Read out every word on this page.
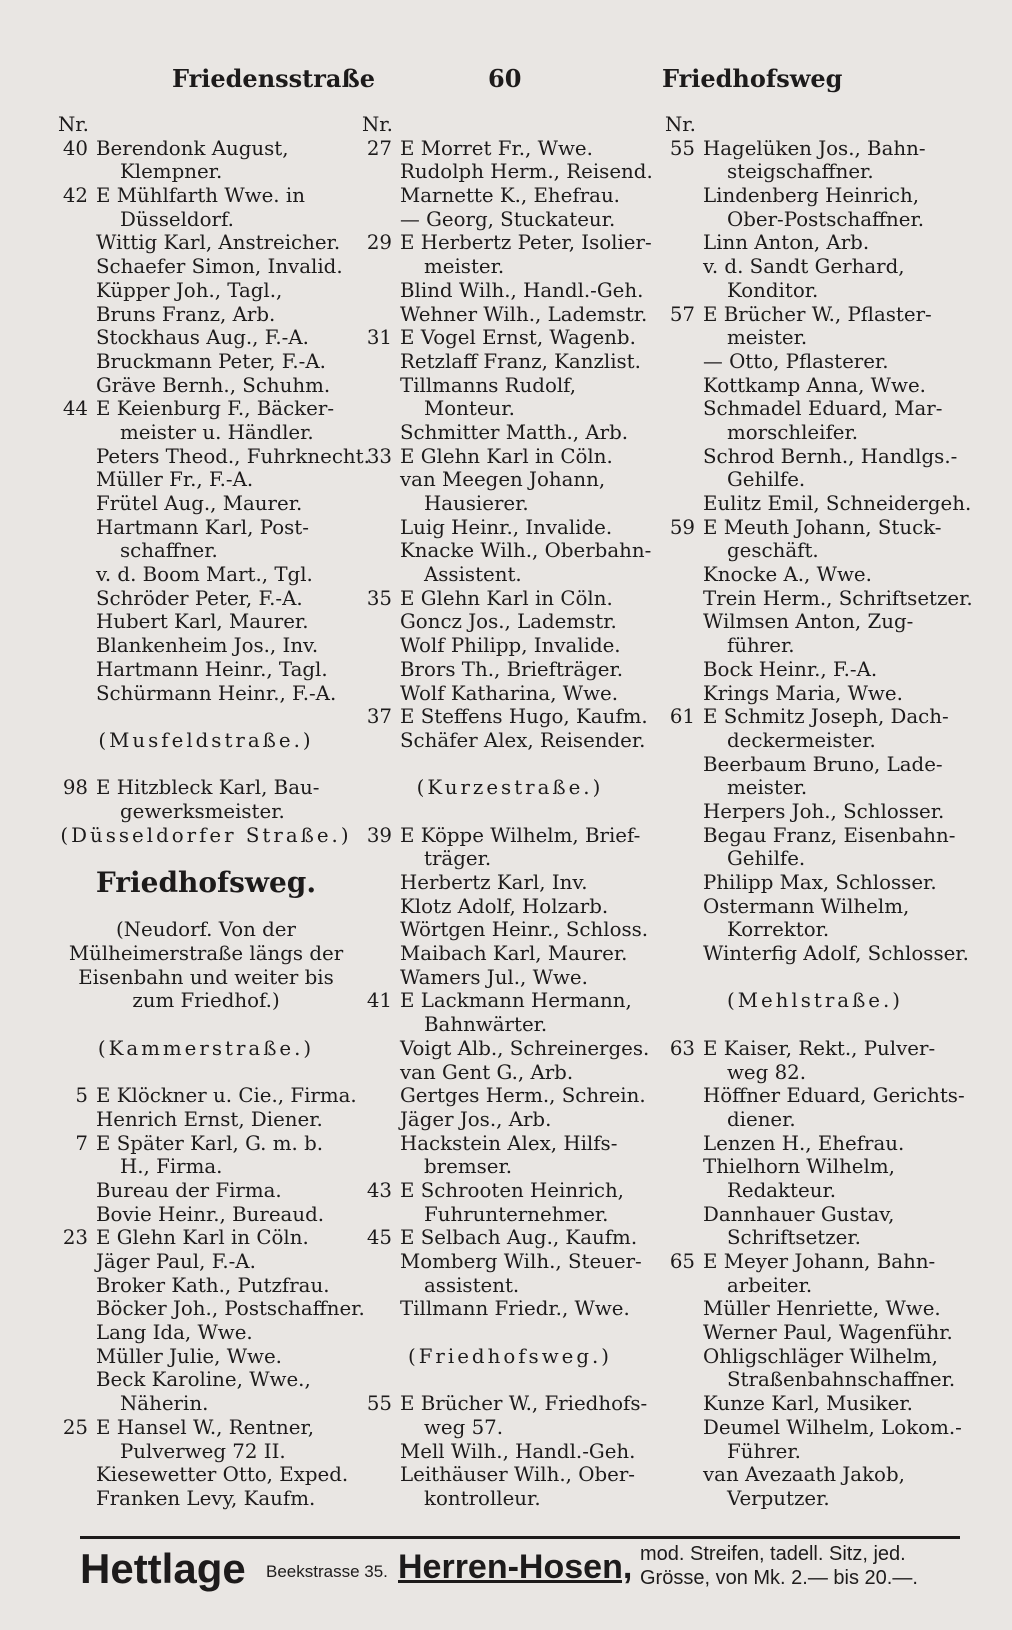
Friedensstraße	60	Friedhofsweg
Nr.
40 Berendonk August,
Klempner.
42 E Mühlfarth Wwe. in
Düsseldorf.
Wittig Karl, Anstreicher.
Schaefer Simon, Invalid.
Küpper Joh., Tagl.,
Bruns Franz, Arb.
Stockhaus Aug., F.-A.
Bruckmann Peter, F.-A.
Gräve Bernh., Schuhm.
44 E Keienburg F., Bäcker-
meister u. Händler.
Peters Theod., Fuhrknecht.
Müller Fr., F.-A.
Frütel Aug., Maurer.
Hartmann Karl, Post-
schaffner.
v. d. Boom Mart., Tgl.
Schröder Peter, F.-A.
Hubert Karl, Maurer.
Blankenheim Jos., Inv.
Hartmann Heinr., Tagl.
Schürmann Heinr., F.-A.
(Musfeldstraße.)
98 E Hitzbleck Karl, Bau-
gewerksmeister.
(Düsseldorfer Straße.)
Friedhofsweg.
(Neudorf. Von der
Mülheimerstraße längs der
Eisenbahn und weiter bis
zum Friedhof.)
(Kammerstraße.)
5 E Klöckner u. Cie., Firma.
Henrich Ernst, Diener.
7 E Später Karl, G. m. b.
H., Firma.
Bureau der Firma.
Bovie Heinr., Bureaud.
23 E Glehn Karl in Cöln.
Jäger Paul, F.-A.
Broker Kath., Putzfrau.
Böcker Joh., Postschaffner.
Lang Ida, Wwe.
Müller Julie, Wwe.
Beck Karoline, Wwe.,
Näherin.
25 E Hansel W., Rentner,
Pulverweg 72 II.
Kiesewetter Otto, Exped.
Franken Levy, Kaufm.
Nr.
27 E Morret Fr., Wwe.
Rudolph Herm., Reisend.
Marnette K., Ehefrau.
— Georg, Stuckateur.
29 E Herbertz Peter, Isolier-
meister.
Blind Wilh., Handl.-Geh.
Wehner Wilh., Lademstr.
31 E Vogel Ernst, Wagenb.
Retzlaff Franz, Kanzlist.
Tillmanns Rudolf,
Monteur.
Schmitter Matth., Arb.
33 E Glehn Karl in Cöln.
van Meegen Johann,
Hausierer.
Luig Heinr., Invalide.
Knacke Wilh., Oberbahn-
Assistent.
35 E Glehn Karl in Cöln.
Goncz Jos., Lademstr.
Wolf Philipp, Invalide.
Brors Th., Briefträger.
Wolf Katharina, Wwe.
37 E Steffens Hugo, Kaufm.
Schäfer Alex, Reisender.
(Kurzestraße.)
39 E Köppe Wilhelm, Brief-
träger.
Herbertz Karl, Inv.
Klotz Adolf, Holzarb.
Wörtgen Heinr., Schloss.
Maibach Karl, Maurer.
Wamers Jul., Wwe.
41 E Lackmann Hermann,
Bahnwärter.
Voigt Alb., Schreinerges.
van Gent G., Arb.
Gertges Herm., Schrein.
Jäger Jos., Arb.
Hackstein Alex, Hilfs-
bremser.
43 E Schrooten Heinrich,
Fuhrunternehmer.
45 E Selbach Aug., Kaufm.
Momberg Wilh., Steuer-
assistent.
Tillmann Friedr., Wwe.
(Friedhofsweg.)
55 E Brücher W., Friedhofs-
weg 57.
Mell Wilh., Handl.-Geh.
Leithäuser Wilh., Ober-
kontrolleur.
Nr.
55 Hagelüken Jos., Bahn-
steigschaffner.
Lindenberg Heinrich,
Ober-Postschaffner.
Linn Anton, Arb.
v. d. Sandt Gerhard,
Konditor.
57 E Brücher W., Pflaster-
meister.
— Otto, Pflasterer.
Kottkamp Anna, Wwe.
Schmadel Eduard, Mar-
morschleifer.
Schrod Bernh., Handlgs.-
Gehilfe.
Eulitz Emil, Schneidergeh.
59 E Meuth Johann, Stuck-
geschäft.
Knocke A., Wwe.
Trein Herm., Schriftsetzer.
Wilmsen Anton, Zug-
führer.
Bock Heinr., F.-A.
Krings Maria, Wwe.
61 E Schmitz Joseph, Dach-
deckermeister.
Beerbaum Bruno, Lade-
meister.
Herpers Joh., Schlosser.
Begau Franz, Eisenbahn-
Gehilfe.
Philipp Max, Schlosser.
Ostermann Wilhelm,
Korrektor.
Winterfig Adolf, Schlosser.
(Mehlstraße.)
63 E Kaiser, Rekt., Pulver-
weg 82.
Höffner Eduard, Gerichts-
diener.
Lenzen H., Ehefrau.
Thielhorn Wilhelm,
Redakteur.
Dannhauer Gustav,
Schriftsetzer.
65 E Meyer Johann, Bahn-
arbeiter.
Müller Henriette, Wwe.
Werner Paul, Wagenführ.
Ohligschläger Wilhelm,
Straßenbahnschaffner.
Kunze Karl, Musiker.
Deumel Wilhelm, Lokom.-
Führer.
van Avezaath Jakob,
Verputzer.
Hettlage Beekstrasse 35. Herren-Hosen, mod. Streifen, tadell. Sitz, jed.
Grösse, von Mk. 2.— bis 20.—.
